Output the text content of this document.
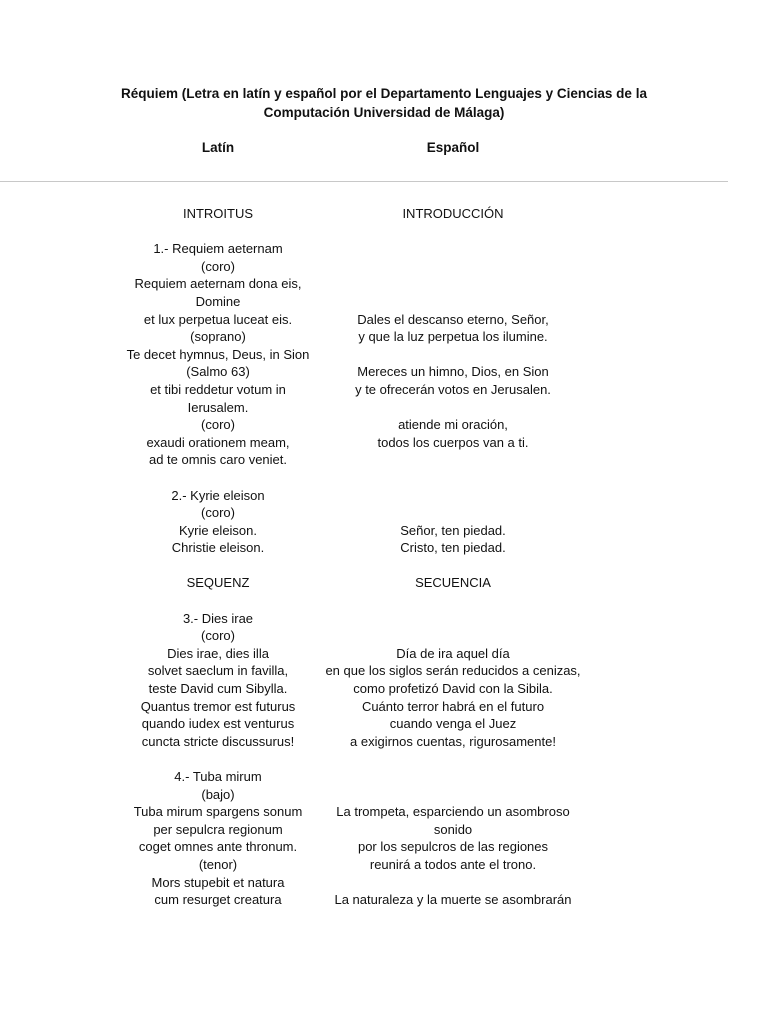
Réquiem (Letra en latín y español por el Departamento Lenguajes y Ciencias de la Computación Universidad de Málaga)
Latín	Español
INTROITUS
1.- Requiem aeternam
(coro)
Requiem aeternam dona eis,
Domine
et lux perpetua luceat eis.
(soprano)
Te decet hymnus, Deus, in Sion
(Salmo 63)
et tibi reddetur votum in
Ierusalem.
(coro)
exaudi orationem meam,
ad te omnis caro veniet.
2.- Kyrie eleison
(coro)
Kyrie eleison.
Christie eleison.
SEQUENZ
3.- Dies irae
(coro)
Dies irae, dies illa
solvet saeclum in favilla,
teste David cum Sibylla.
Quantus tremor est futurus
quando iudex est venturus
cuncta stricte discussurus!
4.- Tuba mirum
(bajo)
Tuba mirum spargens sonum
per sepulcra regionum
coget omnes ante thronum.
(tenor)
Mors stupebit et natura
cum resurget creatura
INTRODUCCIÓN
Dales el descanso eterno, Señor,
y que la luz perpetua los ilumine.
Mereces un himno, Dios, en Sion
y te ofrecerán votos en Jerusalen.
atiende mi oración,
todos los cuerpos van a ti.
Señor, ten piedad.
Cristo, ten piedad.
SECUENCIA
Día de ira aquel día
en que los siglos serán reducidos a cenizas,
como profetizó David con la Sibila.
Cuánto terror habrá en el futuro
cuando venga el Juez
a exigirnos cuentas, rigurosamente!
La trompeta, esparciendo un asombroso
sonido
por los sepulcros de las regiones
reunirá a todos ante el trono.
La naturaleza y la muerte se asombrarán
